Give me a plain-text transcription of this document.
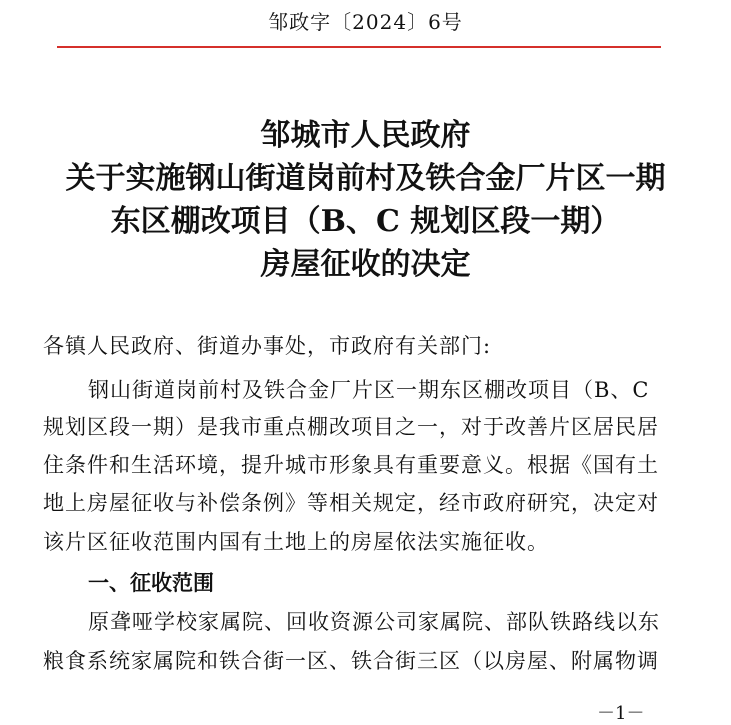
邹政字〔2024〕6号
邹城市人民政府
关于实施钢山街道岗前村及铁合金厂片区一期
东区棚改项目（B、C 规划区段一期）
房屋征收的决定
各镇人民政府、街道办事处，市政府有关部门:
钢山街道岗前村及铁合金厂片区一期东区棚改项目（B、C
规划区段一期）是我市重点棚改项目之一，对于改善片区居民居
住条件和生活环境，提升城市形象具有重要意义。根据《国有土
地上房屋征收与补偿条例》等相关规定，经市政府研究，决定对
该片区征收范围内国有土地上的房屋依法实施征收。
一、征收范围
原聋哑学校家属院、回收资源公司家属院、部队铁路线以东
粮食系统家属院和铁合街一区、铁合街三区（以房屋、附属物调
－1－
